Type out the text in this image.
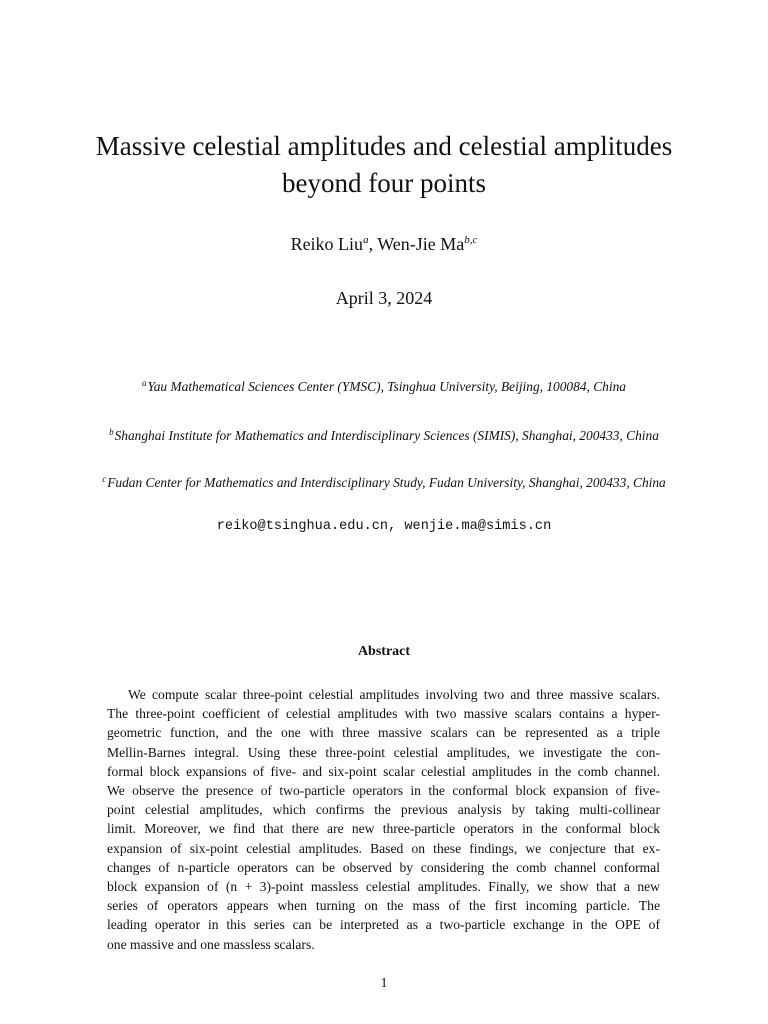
Massive celestial amplitudes and celestial amplitudes
beyond four points
Reiko Liu$^a$, Wen-Jie Ma$^{b,c}$
April 3, 2024
$^a$Yau Mathematical Sciences Center (YMSC), Tsinghua University, Beijing, 100084, China
$^b$Shanghai Institute for Mathematics and Interdisciplinary Sciences (SIMIS), Shanghai, 200433, China
$^c$Fudan Center for Mathematics and Interdisciplinary Study, Fudan University, Shanghai, 200433, China
reiko@tsinghua.edu.cn, wenjie.ma@simis.cn
Abstract
We compute scalar three-point celestial amplitudes involving two and three massive scalars.
The three-point coefficient of celestial amplitudes with two massive scalars contains a hyper-
geometric function, and the one with three massive scalars can be represented as a triple
Mellin-Barnes integral. Using these three-point celestial amplitudes, we investigate the con-
formal block expansions of five- and six-point scalar celestial amplitudes in the comb channel.
We observe the presence of two-particle operators in the conformal block expansion of five-
point celestial amplitudes, which confirms the previous analysis by taking multi-collinear
limit. Moreover, we find that there are new three-particle operators in the conformal block
expansion of six-point celestial amplitudes. Based on these findings, we conjecture that ex-
changes of n-particle operators can be observed by considering the comb channel conformal
block expansion of (n + 3)-point massless celestial amplitudes. Finally, we show that a new
series of operators appears when turning on the mass of the first incoming particle. The
leading operator in this series can be interpreted as a two-particle exchange in the OPE of
one massive and one massless scalars.
1
